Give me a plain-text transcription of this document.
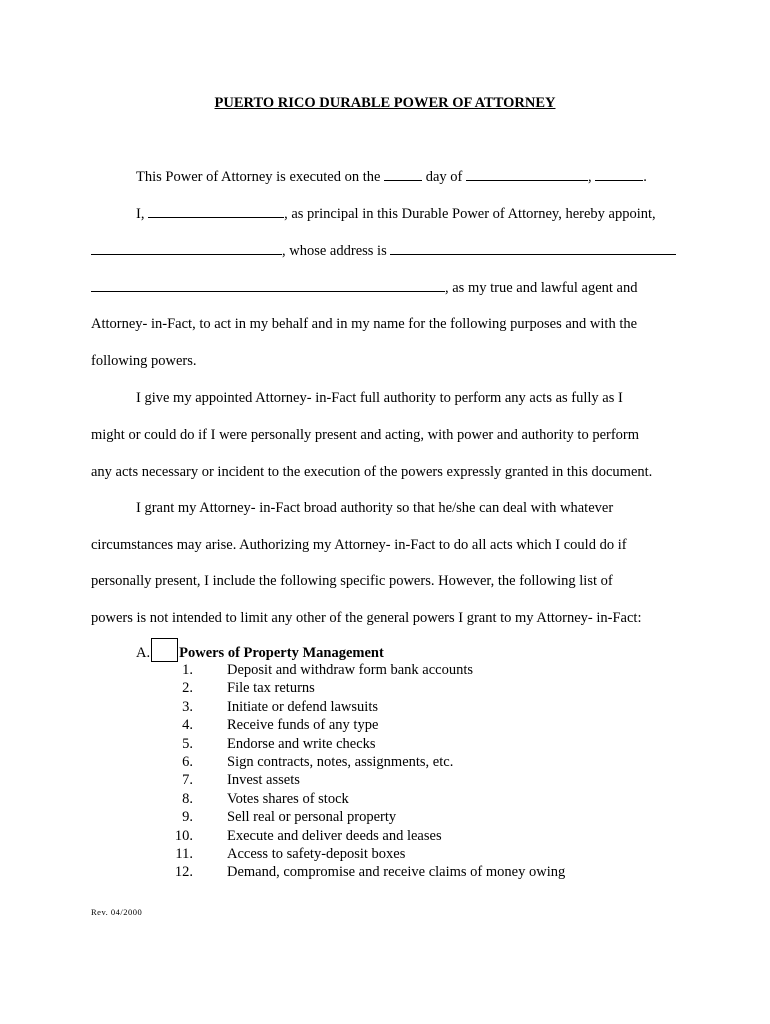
PUERTO RICO DURABLE POWER OF ATTORNEY
This Power of Attorney is executed on the	day of	,	.
I,	, as principal in this Durable Power of Attorney, hereby appoint,
, whose address is
, as my true and lawful agent and
Attorney- in-Fact, to act in my behalf and in my name for the following purposes and with the
following powers.
I give my appointed Attorney- in-Fact full authority to perform any acts as fully as I
might or could do if I were personally present and acting, with power and authority to perform
any acts necessary or incident to the execution of the powers expressly granted in this document.
I grant my Attorney- in-Fact broad authority so that he/she can deal with whatever
circumstances may arise. Authorizing my Attorney- in-Fact to do all acts which I could do if
personally present, I include the following specific powers. However, the following list of
powers is not intended to limit any other of the general powers I grant to my Attorney- in-Fact:
A. Powers of Property Management
1. Deposit and withdraw form bank accounts
2. File tax returns
3. Initiate or defend lawsuits
4. Receive funds of any type
5. Endorse and write checks
6. Sign contracts, notes, assignments, etc.
7. Invest assets
8. Votes shares of stock
9. Sell real or personal property
10. Execute and deliver deeds and leases
11. Access to safety-deposit boxes
12. Demand, compromise and receive claims of money owing
Rev. 04/2000
